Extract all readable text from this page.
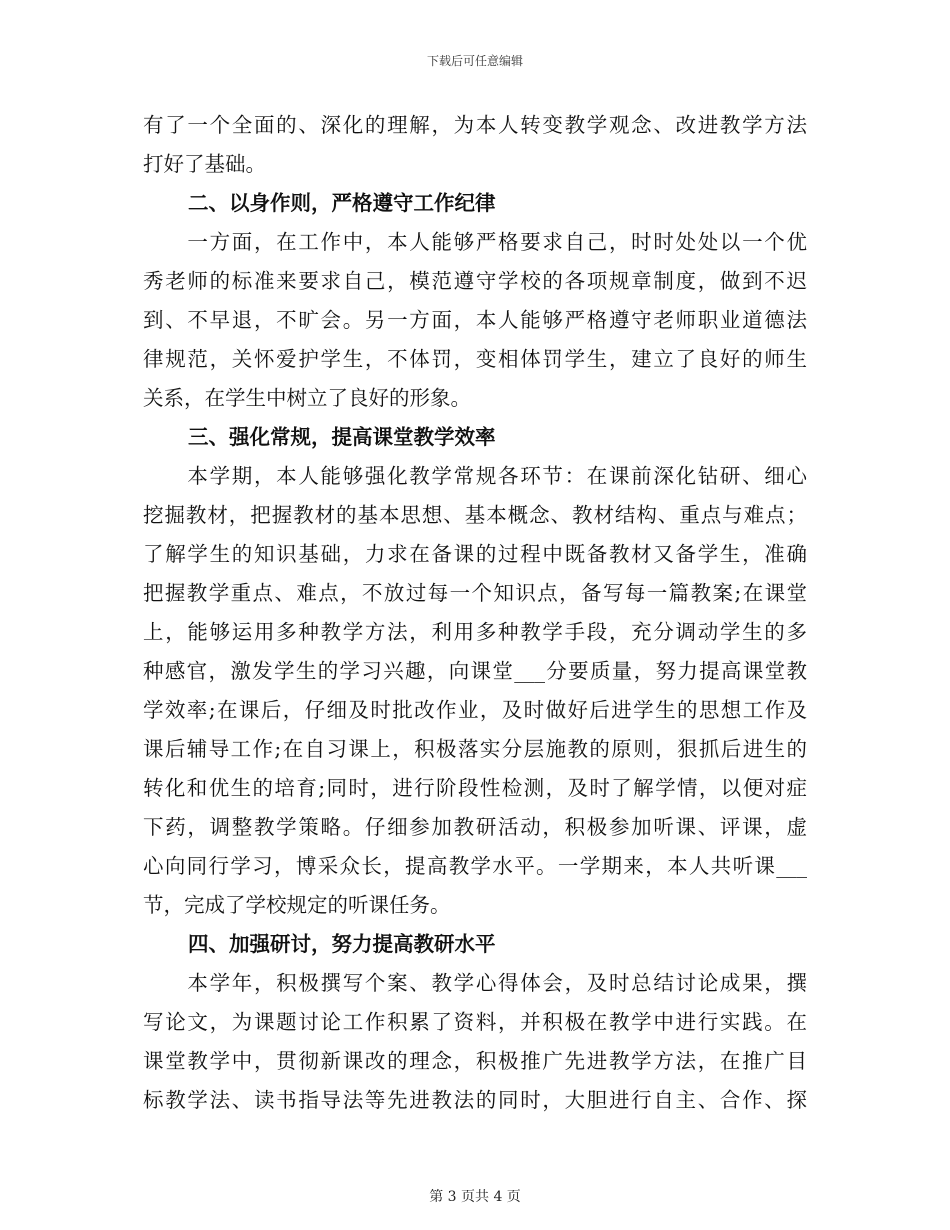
下载后可任意编辑
有了一个全面的、深化的理解，为本人转变教学观念、改进教学方法
打好了基础。
二、以身作则，严格遵守工作纪律
　　一方面，在工作中，本人能够严格要求自己，时时处处以一个优
秀老师的标准来要求自己，模范遵守学校的各项规章制度，做到不迟
到、不早退，不旷会。另一方面，本人能够严格遵守老师职业道德法
律规范，关怀爱护学生，不体罚，变相体罚学生，建立了良好的师生
关系，在学生中树立了良好的形象。
三、强化常规，提高课堂教学效率
　　本学期，本人能够强化教学常规各环节：在课前深化钻研、细心
挖掘教材，把握教材的基本思想、基本概念、教材结构、重点与难点；
了解学生的知识基础，力求在备课的过程中既备教材又备学生，准确
把握教学重点、难点，不放过每一个知识点，备写每一篇教案;在课堂
上，能够运用多种教学方法，利用多种教学手段，充分调动学生的多
种感官，激发学生的学习兴趣，向课堂___分要质量，努力提高课堂教
学效率;在课后，仔细及时批改作业，及时做好后进学生的思想工作及
课后辅导工作;在自习课上，积极落实分层施教的原则，狠抓后进生的
转化和优生的培育;同时，进行阶段性检测，及时了解学情，以便对症
下药，调整教学策略。仔细参加教研活动，积极参加听课、评课，虚
心向同行学习，博采众长，提高教学水平。一学期来，本人共听课___
节，完成了学校规定的听课任务。
四、加强研讨，努力提高教研水平
　　本学年，积极撰写个案、教学心得体会，及时总结讨论成果，撰
写论文，为课题讨论工作积累了资料，并积极在教学中进行实践。在
课堂教学中，贯彻新课改的理念，积极推广先进教学方法，在推广目
标教学法、读书指导法等先进教法的同时，大胆进行自主、合作、探
第 3 页共 4 页
